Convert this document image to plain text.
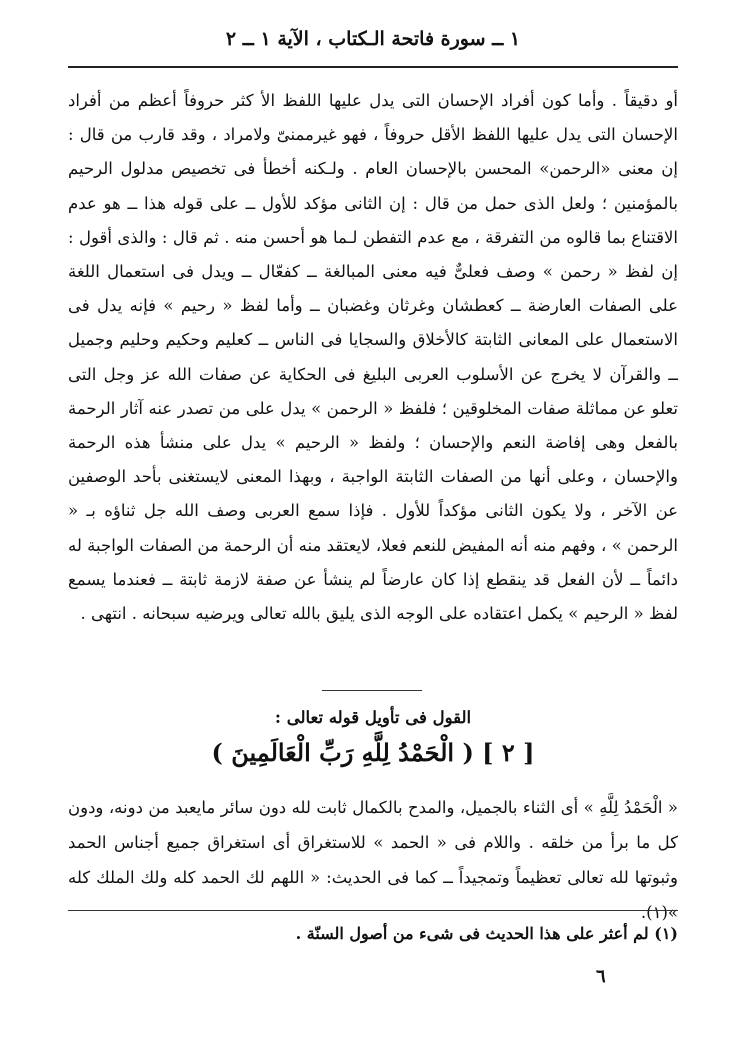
١ ــ سورة فاتحة الـكتاب ، الآية ١ ــ ٢

أو دقيقاً . وأما كون أفراد الإحسان التى يدل عليها اللفظ الأ كثر حروفاً أعظم من أفراد الإحسان التى يدل عليها اللفظ الأقل حروفاً ، فهو غيرممنىّ ولامراد ، وقد قارب من قال : إن معنى «الرحمن» المحسن بالإحسان العام . ولـكنه أخطأ فى تخصيص مدلول الرحيم بالمؤمنين ؛ ولعل الذى حمل من قال : إن الثانى مؤكد للأول ــ على قوله هذا ــ هو عدم الاقتناع بما قالوه من التفرقة ، مع عدم التفطن لـما هو أحسن منه . ثم قال : والذى أقول : إن لفظ « رحمن » وصف فعلىٌّ فيه معنى المبالغة ــ كفعّال ــ ويدل فى استعمال اللغة على الصفات العارضة ــ كعطشان وغرثان وغضبان ــ وأما لفظ « رحيم » فإنه يدل فى الاستعمال على المعانى الثابتة كالأخلاق والسجايا فى الناس ــ كعليم وحكيم وحليم وجميل ــ والقرآن لا يخرج عن الأسلوب العربى البليغ فى الحكاية عن صفات الله عز وجل التى تعلو عن مماثلة صفات المخلوقين ؛ فلفظ « الرحمن » يدل على من تصدر عنه آثار الرحمة بالفعل وهى إفاضة النعم والإحسان ؛ ولفظ « الرحيم » يدل على منشأ هذه الرحمة والإحسان ، وعلى أنها من الصفات الثابتة الواجبة ، وبهذا المعنى لايستغنى بأحد الوصفين عن الآخر ، ولا يكون الثانى مؤكداً للأول . فإذا سمع العربى وصف الله جل ثناؤه بـ « الرحمن » ، وفهم منه أنه المفيض للنعم فعلا، لايعتقد منه أن الرحمة من الصفات الواجبة له دائماً ــ لأن الفعل قد ينقطع إذا كان عارضاً لم ينشأ عن صفة لازمة ثابتة ــ فعندما يسمع لفظ « الرحيم » يكمل اعتقاده على الوجه الذى يليق بالله تعالى ويرضيه سبحانه . انتهى .

القول فى تأويل قوله تعالى :
[ ٢ ] ( الْحَمْدُ لِلَّهِ رَبِّ الْعَالَمِينَ )

« الْحَمْدُ لِلَّهِ » أى الثناء بالجميل، والمدح بالكمال ثابت لله دون سائر مايعبد من دونه، ودون كل ما برأ من خلقه . واللام فى « الحمد » للاستغراق أى استغراق جميع أجناس الحمد وثبوتها لله تعالى تعظيماً وتمجيداً ــ كما فى الحديث: « اللهم لك الحمد كله ولك الملك كله »(١).

(١) لم أعثر على هذا الحديث فى شىء من أصول السنّة .
٦
